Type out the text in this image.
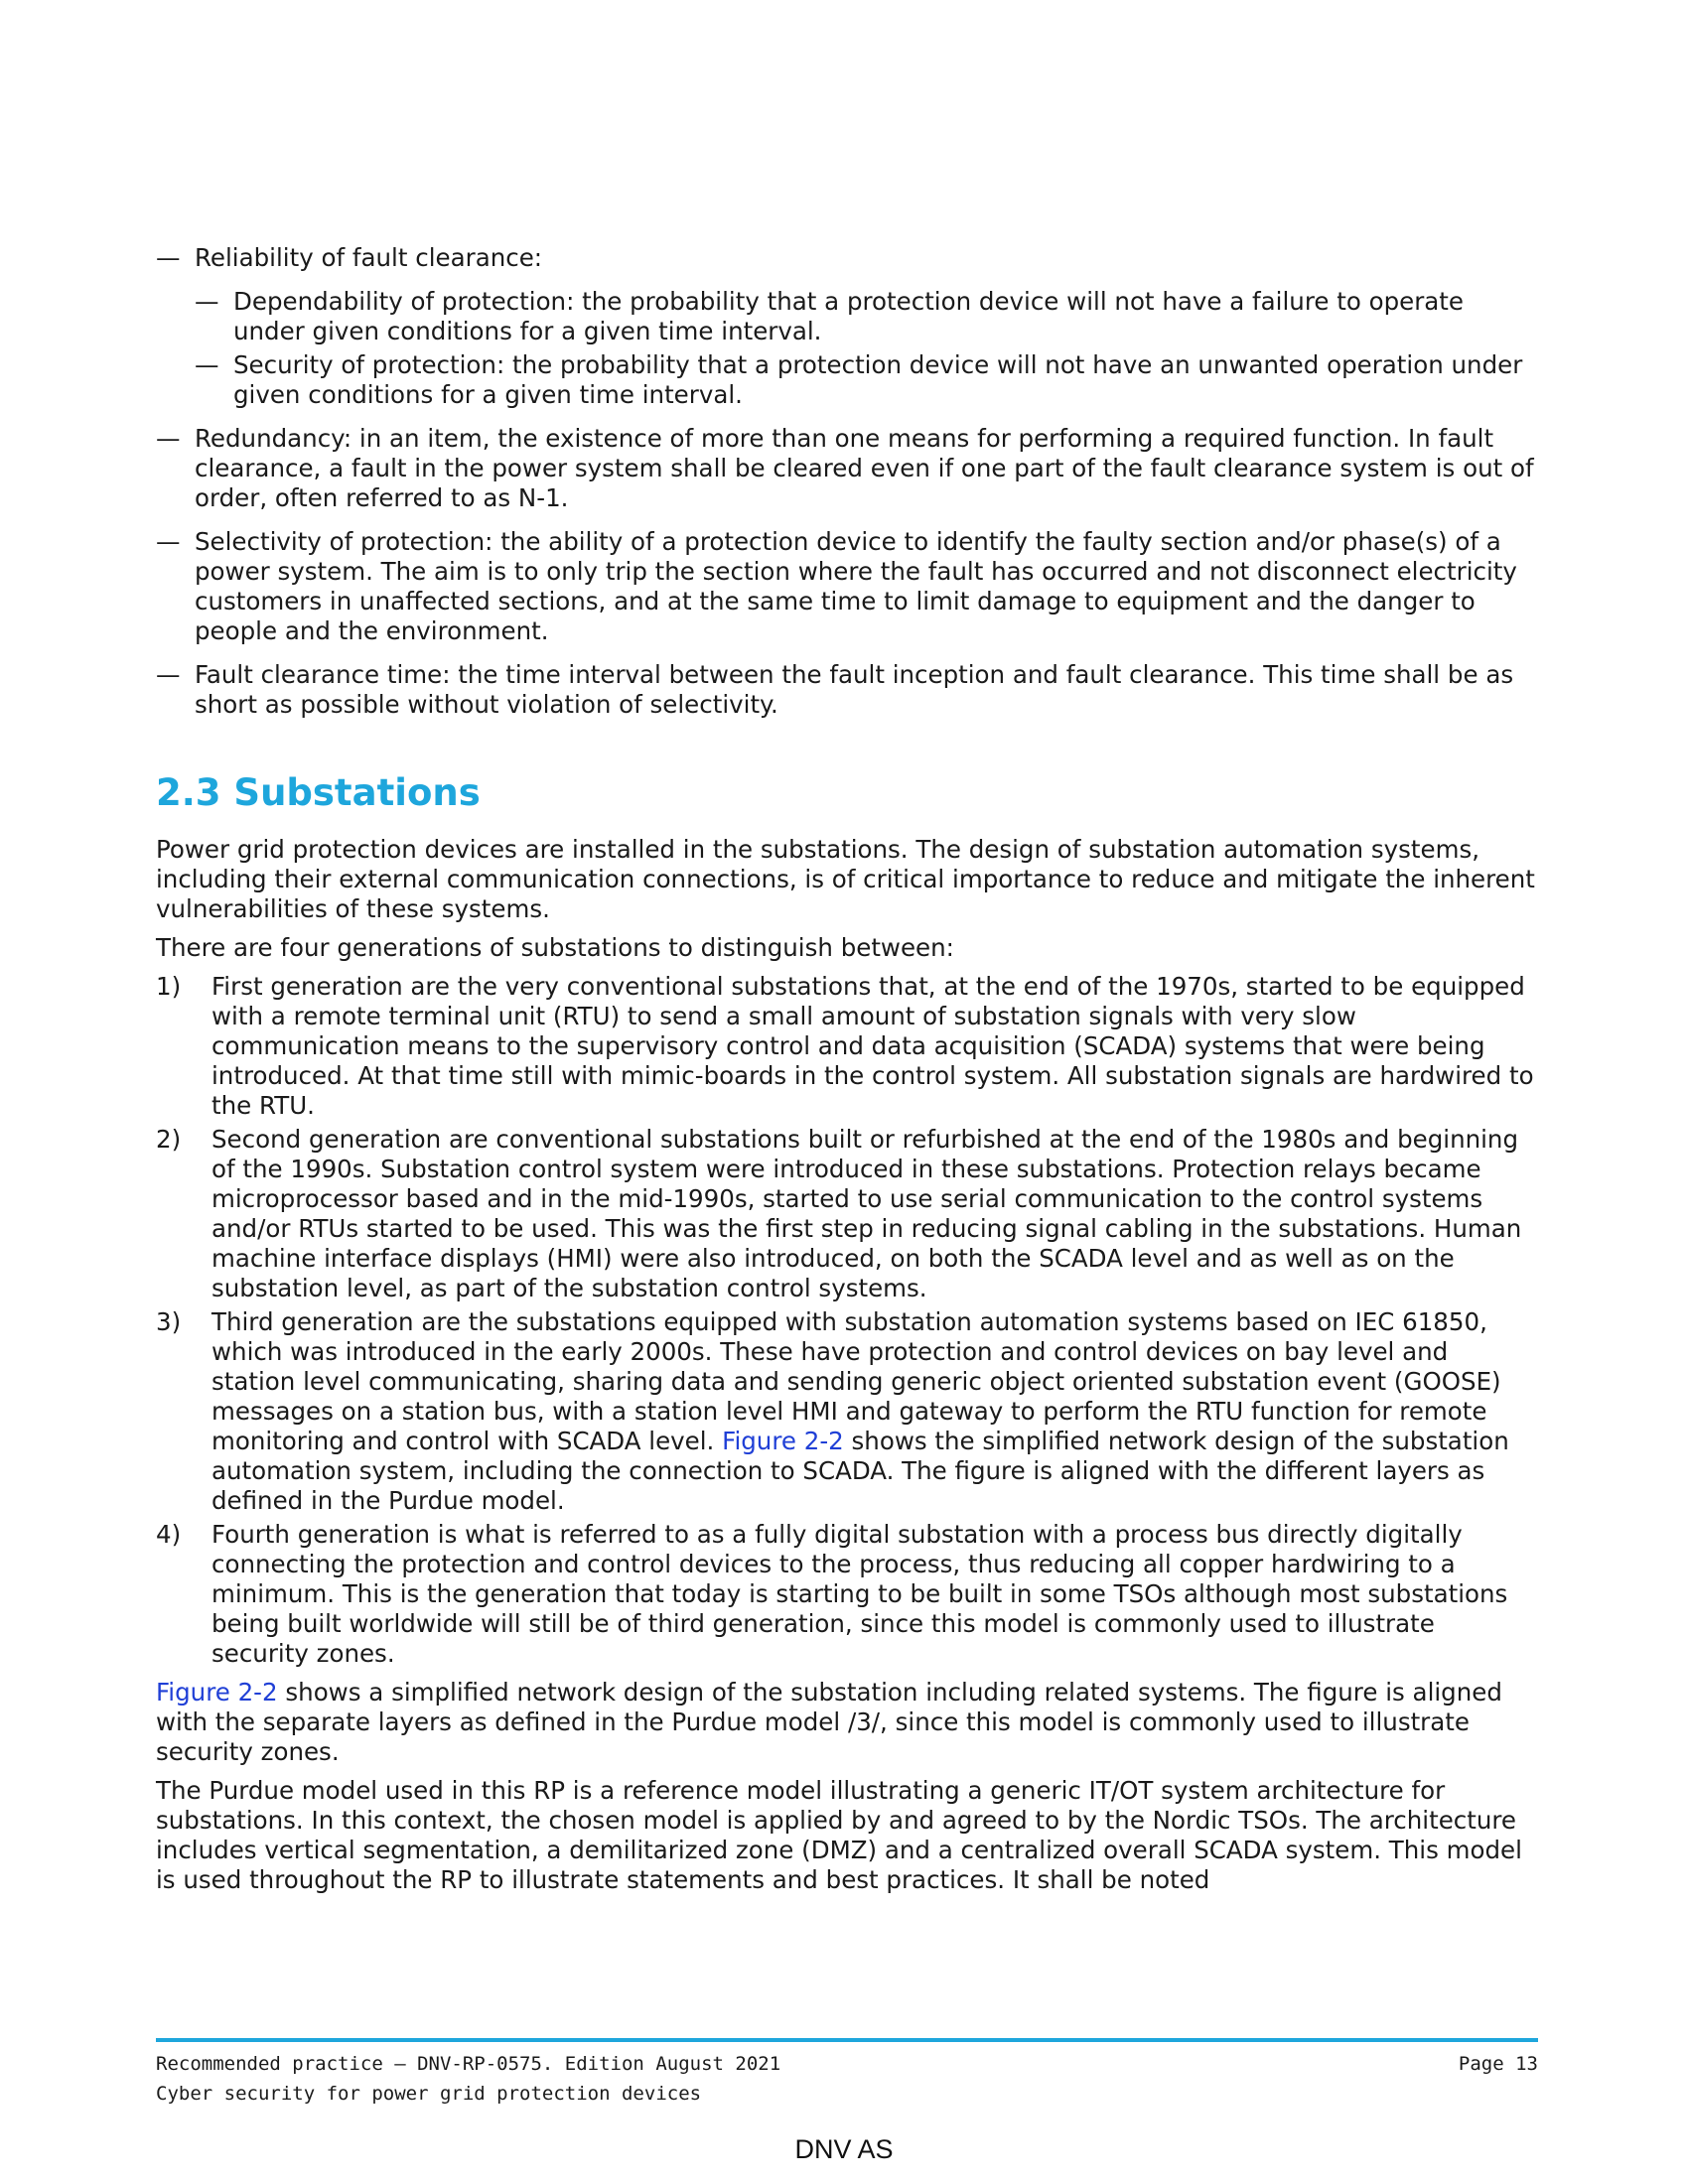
— Reliability of fault clearance:
— Dependability of protection: the probability that a protection device will not have a failure to operate under given conditions for a given time interval.
— Security of protection: the probability that a protection device will not have an unwanted operation under given conditions for a given time interval.
— Redundancy: in an item, the existence of more than one means for performing a required function. In fault clearance, a fault in the power system shall be cleared even if one part of the fault clearance system is out of order, often referred to as N-1.
— Selectivity of protection: the ability of a protection device to identify the faulty section and/or phase(s) of a power system. The aim is to only trip the section where the fault has occurred and not disconnect electricity customers in unaffected sections, and at the same time to limit damage to equipment and the danger to people and the environment.
— Fault clearance time: the time interval between the fault inception and fault clearance. This time shall be as short as possible without violation of selectivity.
2.3 Substations

Power grid protection devices are installed in the substations. The design of substation automation systems, including their external communication connections, is of critical importance to reduce and mitigate the inherent vulnerabilities of these systems.

There are four generations of substations to distinguish between:

1) First generation are the very conventional substations that, at the end of the 1970s, started to be equipped with a remote terminal unit (RTU) to send a small amount of substation signals with very slow communication means to the supervisory control and data acquisition (SCADA) systems that were being introduced. At that time still with mimic-boards in the control system. All substation signals are hardwired to the RTU.
2) Second generation are conventional substations built or refurbished at the end of the 1980s and beginning of the 1990s. Substation control system were introduced in these substations. Protection relays became microprocessor based and in the mid-1990s, started to use serial communication to the control systems and/or RTUs started to be used. This was the first step in reducing signal cabling in the substations. Human machine interface displays (HMI) were also introduced, on both the SCADA level and as well as on the substation level, as part of the substation control systems.
3) Third generation are the substations equipped with substation automation systems based on IEC 61850, which was introduced in the early 2000s. These have protection and control devices on bay level and station level communicating, sharing data and sending generic object oriented substation event (GOOSE) messages on a station bus, with a station level HMI and gateway to perform the RTU function for remote monitoring and control with SCADA level. Figure 2-2 shows the simplified network design of the substation automation system, including the connection to SCADA. The figure is aligned with the different layers as defined in the Purdue model.
4) Fourth generation is what is referred to as a fully digital substation with a process bus directly digitally connecting the protection and control devices to the process, thus reducing all copper hardwiring to a minimum. This is the generation that today is starting to be built in some TSOs although most substations being built worldwide will still be of third generation, since this model is commonly used to illustrate security zones.

Figure 2-2 shows a simplified network design of the substation including related systems. The figure is aligned with the separate layers as defined in the Purdue model /3/, since this model is commonly used to illustrate security zones.

The Purdue model used in this RP is a reference model illustrating a generic IT/OT system architecture for substations. In this context, the chosen model is applied by and agreed to by the Nordic TSOs. The architecture includes vertical segmentation, a demilitarized zone (DMZ) and a centralized overall SCADA system. This model is used throughout the RP to illustrate statements and best practices. It shall be noted

Recommended practice — DNV-RP-0575. Edition August 2021
Cyber security for power grid protection devices
Page 13
DNV AS
